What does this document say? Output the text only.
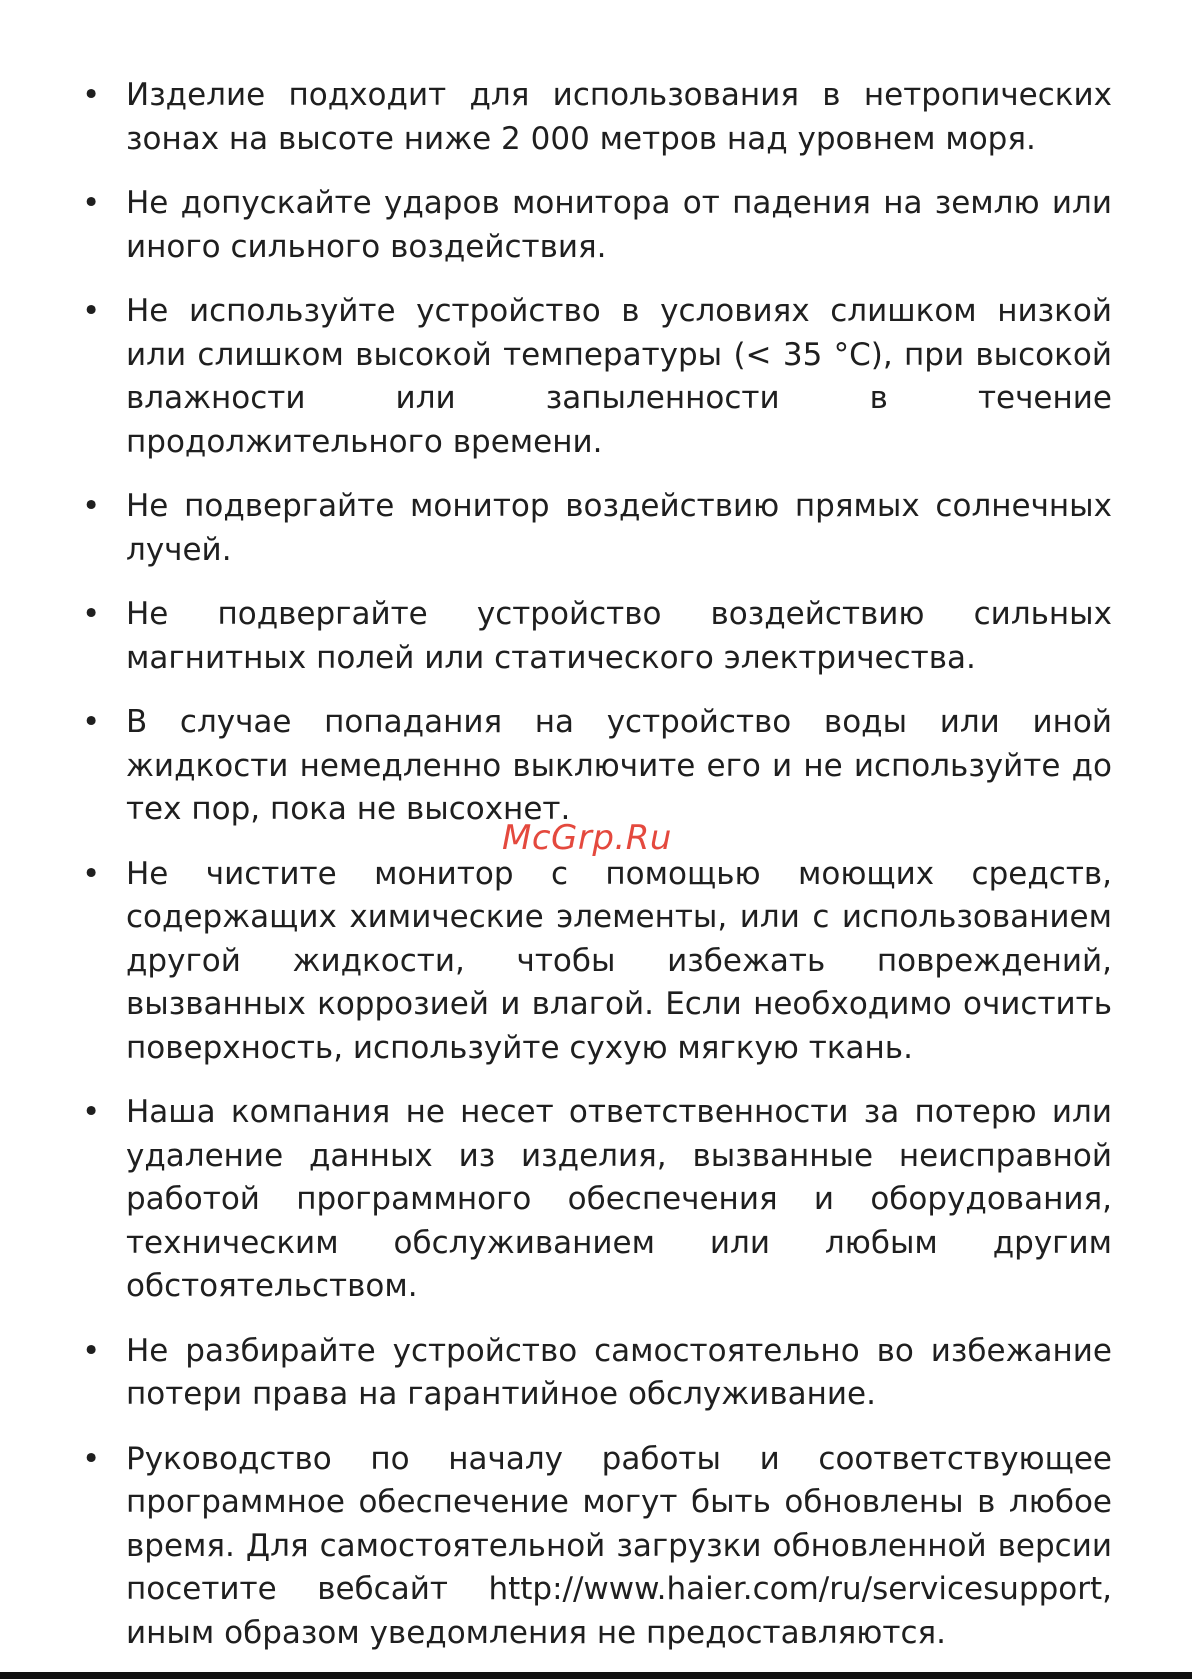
• Изделие подходит для использования в нетропических зонах на высоте ниже 2 000 метров над уровнем моря.
• Не допускайте ударов монитора от падения на землю или иного сильного воздействия.
• Не используйте устройство в условиях слишком низкой или слишком высокой температуры (< 35 °C), при высокой влажности или запыленности в течение продолжительного времени.
• Не подвергайте монитор воздействию прямых солнечных лучей.
• Не подвергайте устройство воздействию сильных магнитных полей или статического электричества.
• В случае попадания на устройство воды или иной жидкости немедленно выключите его и не используйте до тех пор, пока не высохнет.
• Не чистите монитор с помощью моющих средств, содержащих химические элементы, или с использованием другой жидкости, чтобы избежать повреждений, вызванных коррозией и влагой. Если необходимо очистить поверхность, используйте сухую мягкую ткань.
• Наша компания не несет ответственности за потерю или удаление данных из изделия, вызванные неисправной работой программного обеспечения и оборудования, техническим обслуживанием или любым другим обстоятельством.
• Не разбирайте устройство самостоятельно во избежание потери права на гарантийное обслуживание.
• Руководство по началу работы и соответствующее программное обеспечение могут быть обновлены в любое время. Для самостоятельной загрузки обновленной версии посетите вебсайт http://www.haier.com/ru/servicesupport, иным образом уведомления не предоставляются.
McGrp.Ru
